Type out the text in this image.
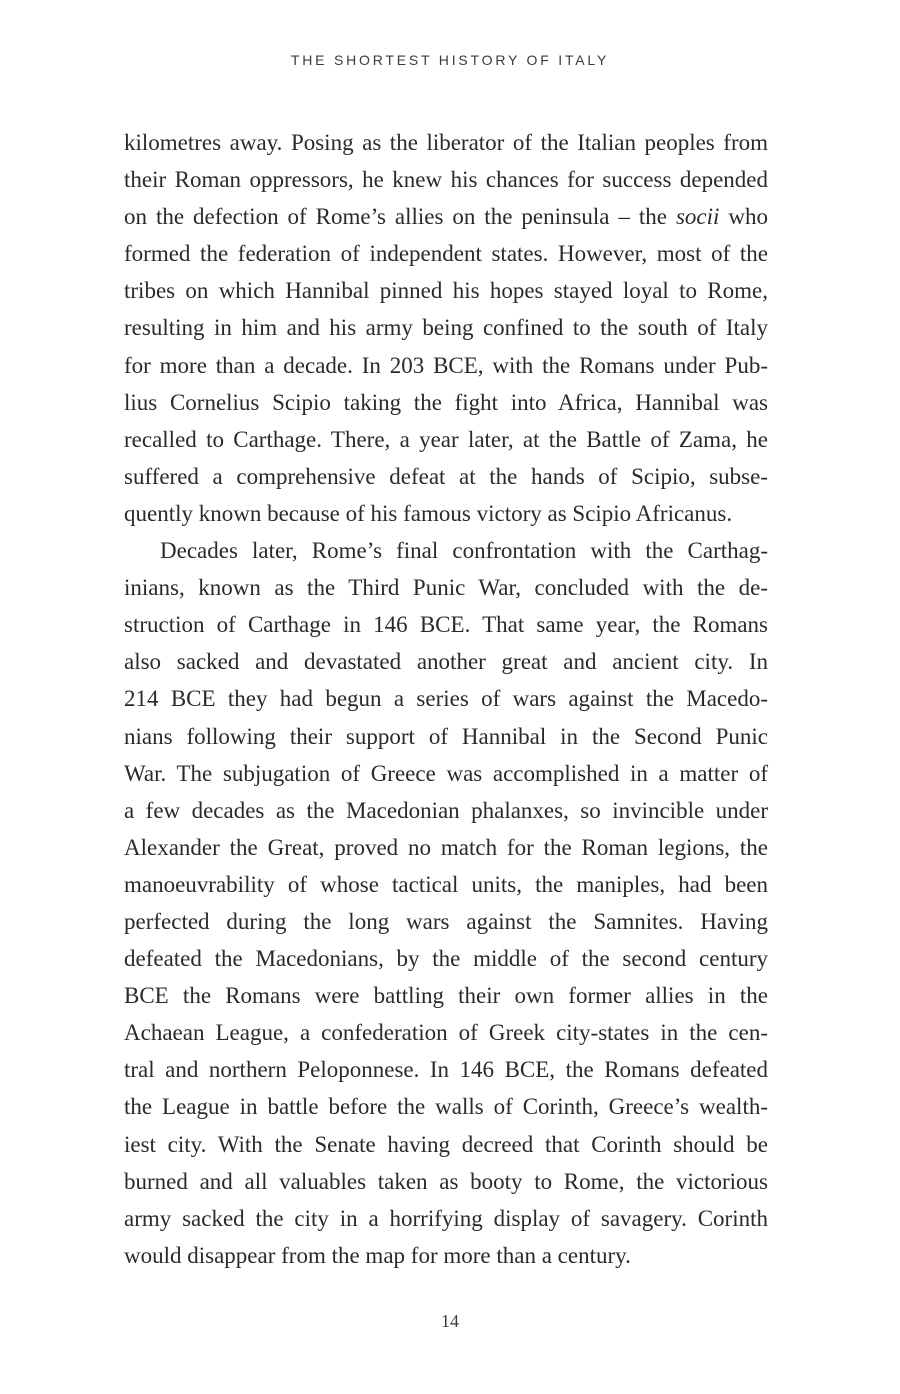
THE SHORTEST HISTORY OF ITALY
kilometres away. Posing as the liberator of the Italian peoples from
their Roman oppressors, he knew his chances for success depended
on the defection of Rome’s allies on the peninsula – the socii who
formed the federation of independent states. However, most of the
tribes on which Hannibal pinned his hopes stayed loyal to Rome,
resulting in him and his army being confined to the south of Italy
for more than a decade. In 203 BCE, with the Romans under Pub-
lius Cornelius Scipio taking the fight into Africa, Hannibal was
recalled to Carthage. There, a year later, at the Battle of Zama, he
suffered a comprehensive defeat at the hands of Scipio, subse-
quently known because of his famous victory as Scipio Africanus.
Decades later, Rome’s final confrontation with the Carthag-
inians, known as the Third Punic War, concluded with the de-
struction of Carthage in 146 BCE. That same year, the Romans
also sacked and devastated another great and ancient city. In
214 BCE they had begun a series of wars against the Macedo-
nians following their support of Hannibal in the Second Punic
War. The subjugation of Greece was accomplished in a matter of
a few decades as the Macedonian phalanxes, so invincible under
Alexander the Great, proved no match for the Roman legions, the
manoeuvrability of whose tactical units, the maniples, had been
perfected during the long wars against the Samnites. Having
defeated the Macedonians, by the middle of the second century
BCE the Romans were battling their own former allies in the
Achaean League, a confederation of Greek city-states in the cen-
tral and northern Peloponnese. In 146 BCE, the Romans defeated
the League in battle before the walls of Corinth, Greece’s wealth-
iest city. With the Senate having decreed that Corinth should be
burned and all valuables taken as booty to Rome, the victorious
army sacked the city in a horrifying display of savagery. Corinth
would disappear from the map for more than a century.
14
